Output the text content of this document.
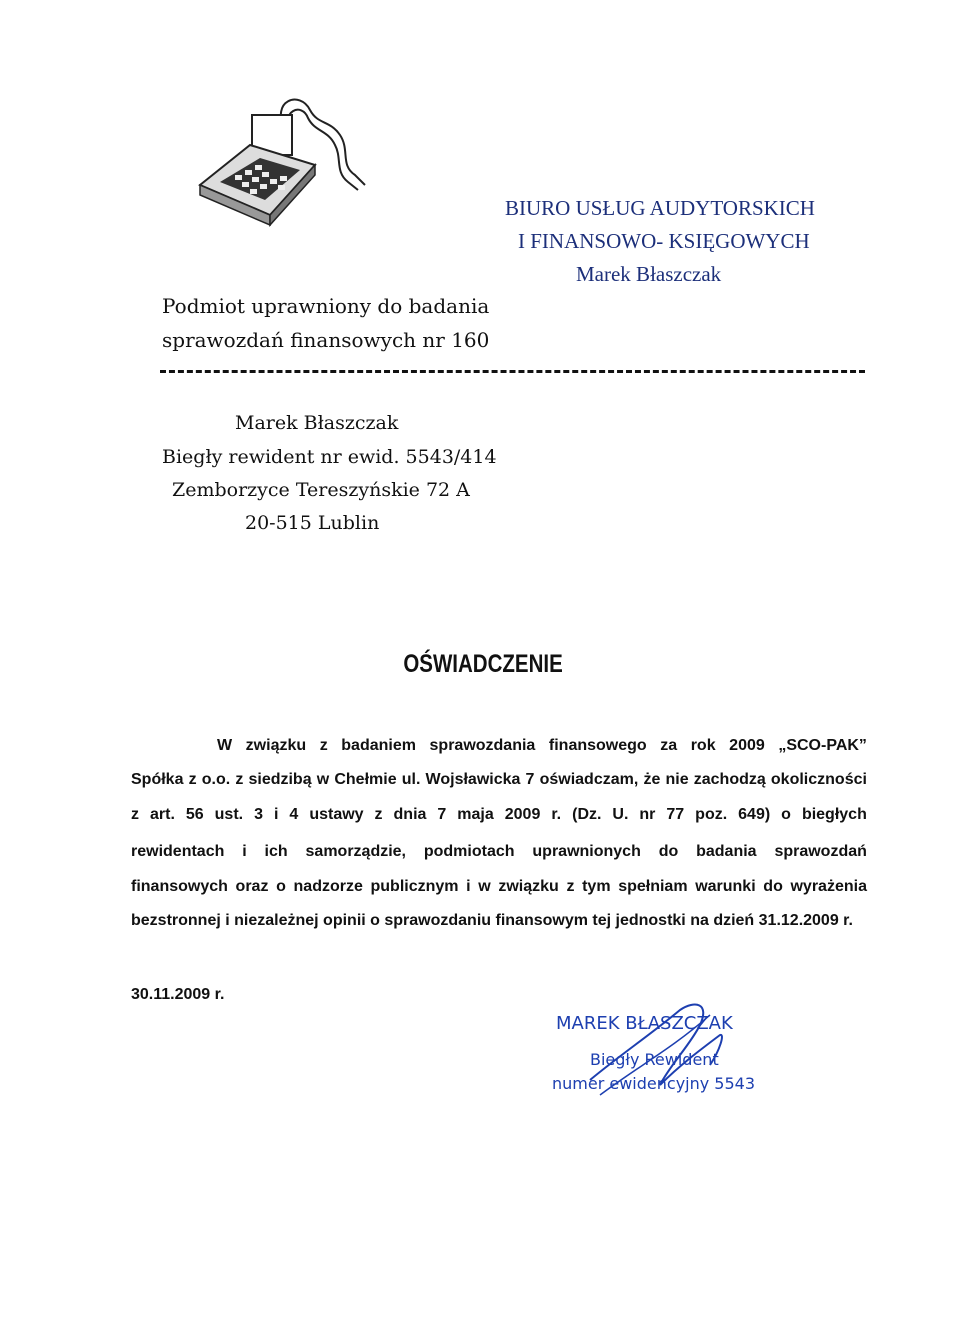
BIURO USŁUG AUDYTORSKICH
I FINANSOWO- KSIĘGOWYCH
Marek Błaszczak
Podmiot uprawniony do badania
sprawozdań finansowych nr 160
Marek Błaszczak
Biegły rewident nr ewid. 5543/414
Zemborzyce Tereszyńskie 72 A
20-515 Lublin
OŚWIADCZENIE
W związku z badaniem sprawozdania finansowego za rok 2009 „SCO-PAK”
Spółka z o.o. z siedzibą w Chełmie ul. Wojsławicka 7 oświadczam, że nie zachodzą okoliczności
z art. 56 ust. 3 i 4 ustawy z dnia 7 maja 2009 r. (Dz. U. nr 77 poz. 649) o biegłych
rewidentach i ich samorządzie, podmiotach uprawnionych do badania sprawozdań
finansowych oraz o nadzorze publicznym i w związku z tym spełniam warunki do wyrażenia
bezstronnej i niezależnej opinii o sprawozdaniu finansowym tej jednostki na dzień 31.12.2009 r.
30.11.2009 r.
MAREK BŁASZCZAK
Biegły Rewident
numer ewidencyjny 5543
